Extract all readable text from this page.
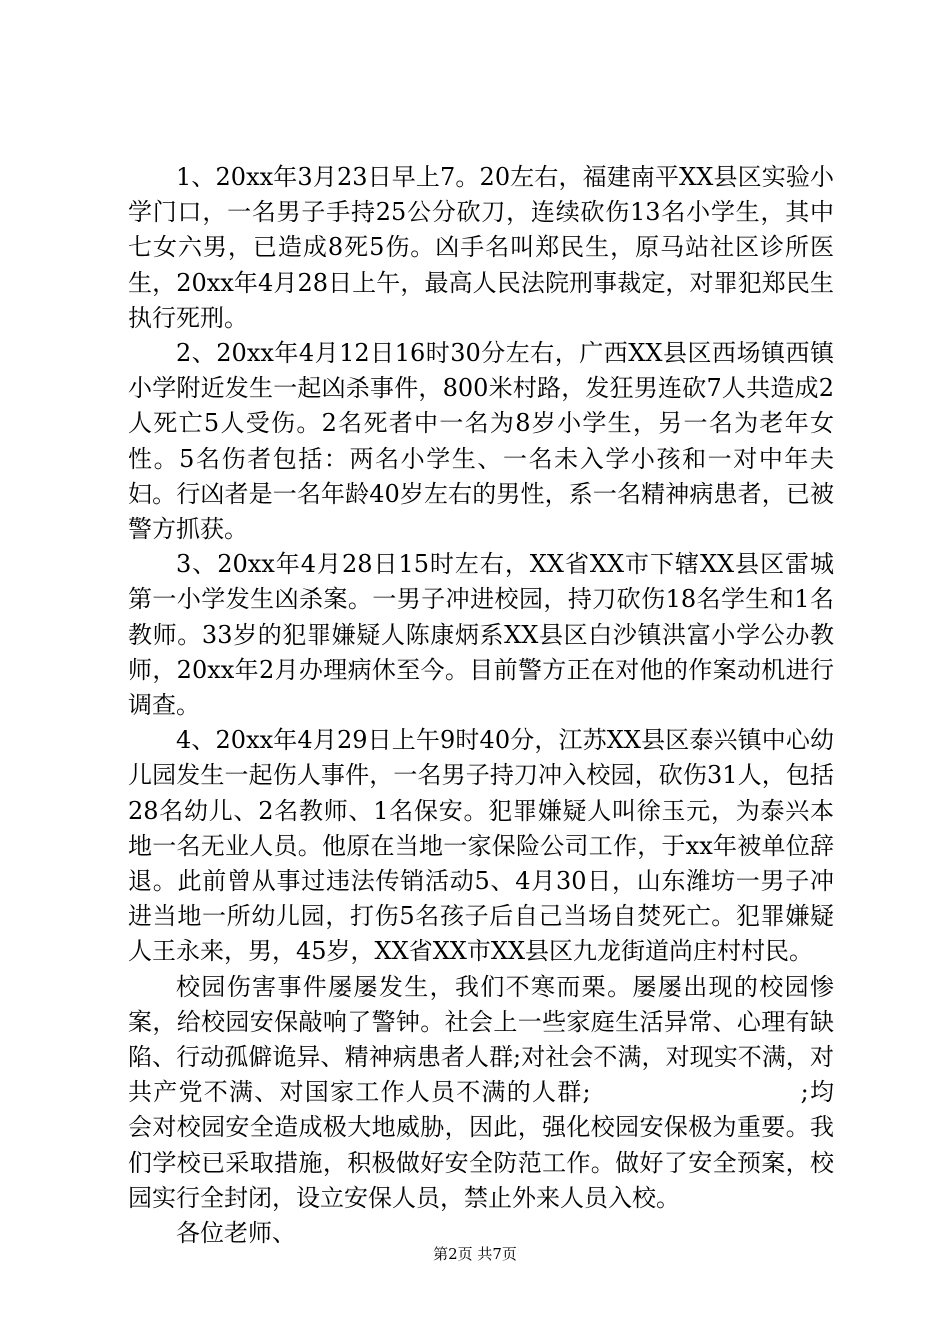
1、20xx年3月23日早上7。20左右，福建南平XX县区实验小学门口，一名男子手持25公分砍刀，连续砍伤13名小学生，其中七女六男，已造成8死5伤。凶手名叫郑民生，原马站社区诊所医生，20xx年4月28日上午，最高人民法院刑事裁定，对罪犯郑民生执行死刑。

2、20xx年4月12日16时30分左右，广西XX县区西场镇西镇小学附近发生一起凶杀事件，800米村路，发狂男连砍7人共造成2人死亡5人受伤。2名死者中一名为8岁小学生，另一名为老年女性。5名伤者包括：两名小学生、一名未入学小孩和一对中年夫妇。行凶者是一名年龄40岁左右的男性，系一名精神病患者，已被警方抓获。

3、20xx年4月28日15时左右，XX省XX市下辖XX县区雷城第一小学发生凶杀案。一男子冲进校园，持刀砍伤18名学生和1名教师。33岁的犯罪嫌疑人陈康炳系XX县区白沙镇洪富小学公办教师，20xx年2月办理病休至今。目前警方正在对他的作案动机进行调查。

4、20xx年4月29日上午9时40分，江苏XX县区泰兴镇中心幼儿园发生一起伤人事件，一名男子持刀冲入校园，砍伤31人，包括28名幼儿、2名教师、1名保安。犯罪嫌疑人叫徐玉元，为泰兴本地一名无业人员。他原在当地一家保险公司工作，于xx年被单位辞退。此前曾从事过违法传销活动5、4月30日，山东潍坊一男子冲进当地一所幼儿园，打伤5名孩子后自己当场自焚死亡。犯罪嫌疑人王永来，男，45岁，XX省XX市XX县区九龙街道尚庄村村民。

校园伤害事件屡屡发生，我们不寒而栗。屡屡出现的校园惨案，给校园安保敲响了警钟。社会上一些家庭生活异常、心理有缺陷、行动孤僻诡异、精神病患者人群;对社会不满，对现实不满，对共产党不满、对国家工作人员不满的人群;	;均会对校园安全造成极大地威胁，因此，强化校园安保极为重要。我们学校已采取措施，积极做好安全防范工作。做好了安全预案，校园实行全封闭，设立安保人员，禁止外来人员入校。

各位老师、

第2页 共7页
